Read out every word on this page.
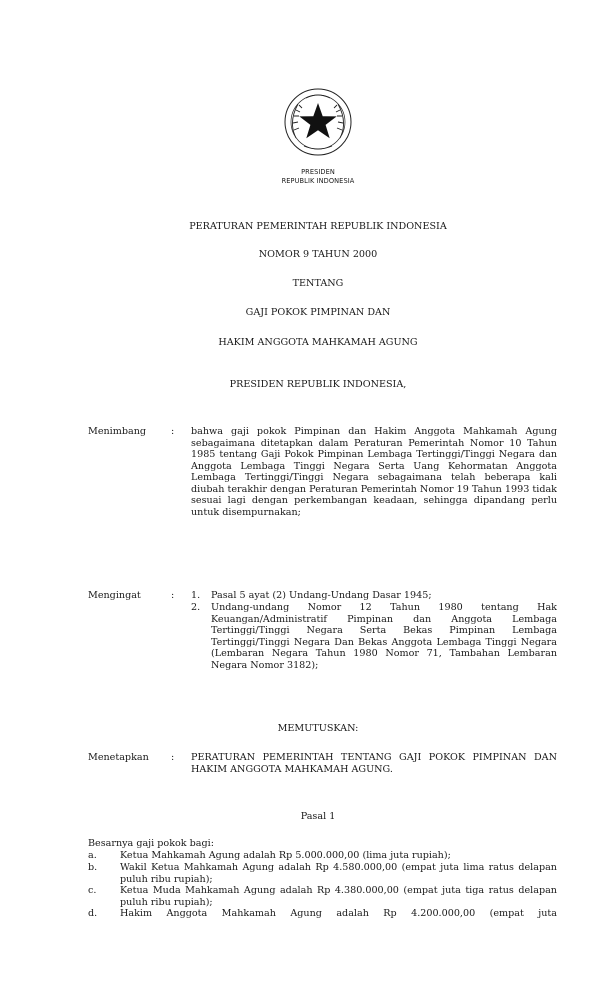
PRESIDEN
REPUBLIK INDONESIA
PERATURAN PEMERINTAH REPUBLIK INDONESIA
NOMOR 9 TAHUN 2000
TENTANG
GAJI POKOK PIMPINAN DAN
HAKIM ANGGOTA MAHKAMAH AGUNG
PRESIDEN REPUBLIK INDONESIA,
Menimbang	: bahwa gaji pokok Pimpinan dan Hakim Anggota Mahkamah Agung sebagaimana ditetapkan dalam Peraturan Pemerintah Nomor 10 Tahun 1985 tentang Gaji Pokok Pimpinan Lembaga Tertinggi/Tinggi Negara dan Anggota Lembaga Tinggi Negara Serta Uang Kehormatan Anggota Lembaga Tertinggi/Tinggi Negara sebagaimana telah beberapa kali diubah terakhir dengan Peraturan Pemerintah Nomor 19 Tahun 1993 tidak sesuai lagi dengan perkembangan keadaan, sehingga dipandang perlu untuk disempurnakan;
Mengingat	: 1.	Pasal 5 ayat (2) Undang-Undang Dasar 1945;
2.	Undang-undang Nomor 12 Tahun 1980 tentang Hak Keuangan/Administratif Pimpinan dan Anggota Lembaga Tertinggi/Tinggi Negara Serta Bekas Pimpinan Lembaga Tertinggi/Tinggi Negara Dan Bekas Anggota Lembaga Tinggi Negara (Lembaran Negara Tahun 1980 Nomor 71, Tambahan Lembaran Negara Nomor 3182);
MEMUTUSKAN:
Menetapkan : PERATURAN PEMERINTAH TENTANG GAJI POKOK PIMPINAN DAN HAKIM ANGGOTA MAHKAMAH AGUNG.
Pasal 1
Besarnya gaji pokok bagi:
a. Ketua Mahkamah Agung adalah Rp 5.000.000,00 (lima juta rupiah);
b. Wakil Ketua Mahkamah Agung adalah Rp 4.580.000,00 (empat juta lima ratus delapan puluh ribu rupiah);
c. Ketua Muda Mahkamah Agung adalah Rp 4.380.000,00 (empat juta tiga ratus delapan puluh ribu rupiah);
d. Hakim Anggota Mahkamah Agung adalah Rp 4.200.000,00 (empat juta
